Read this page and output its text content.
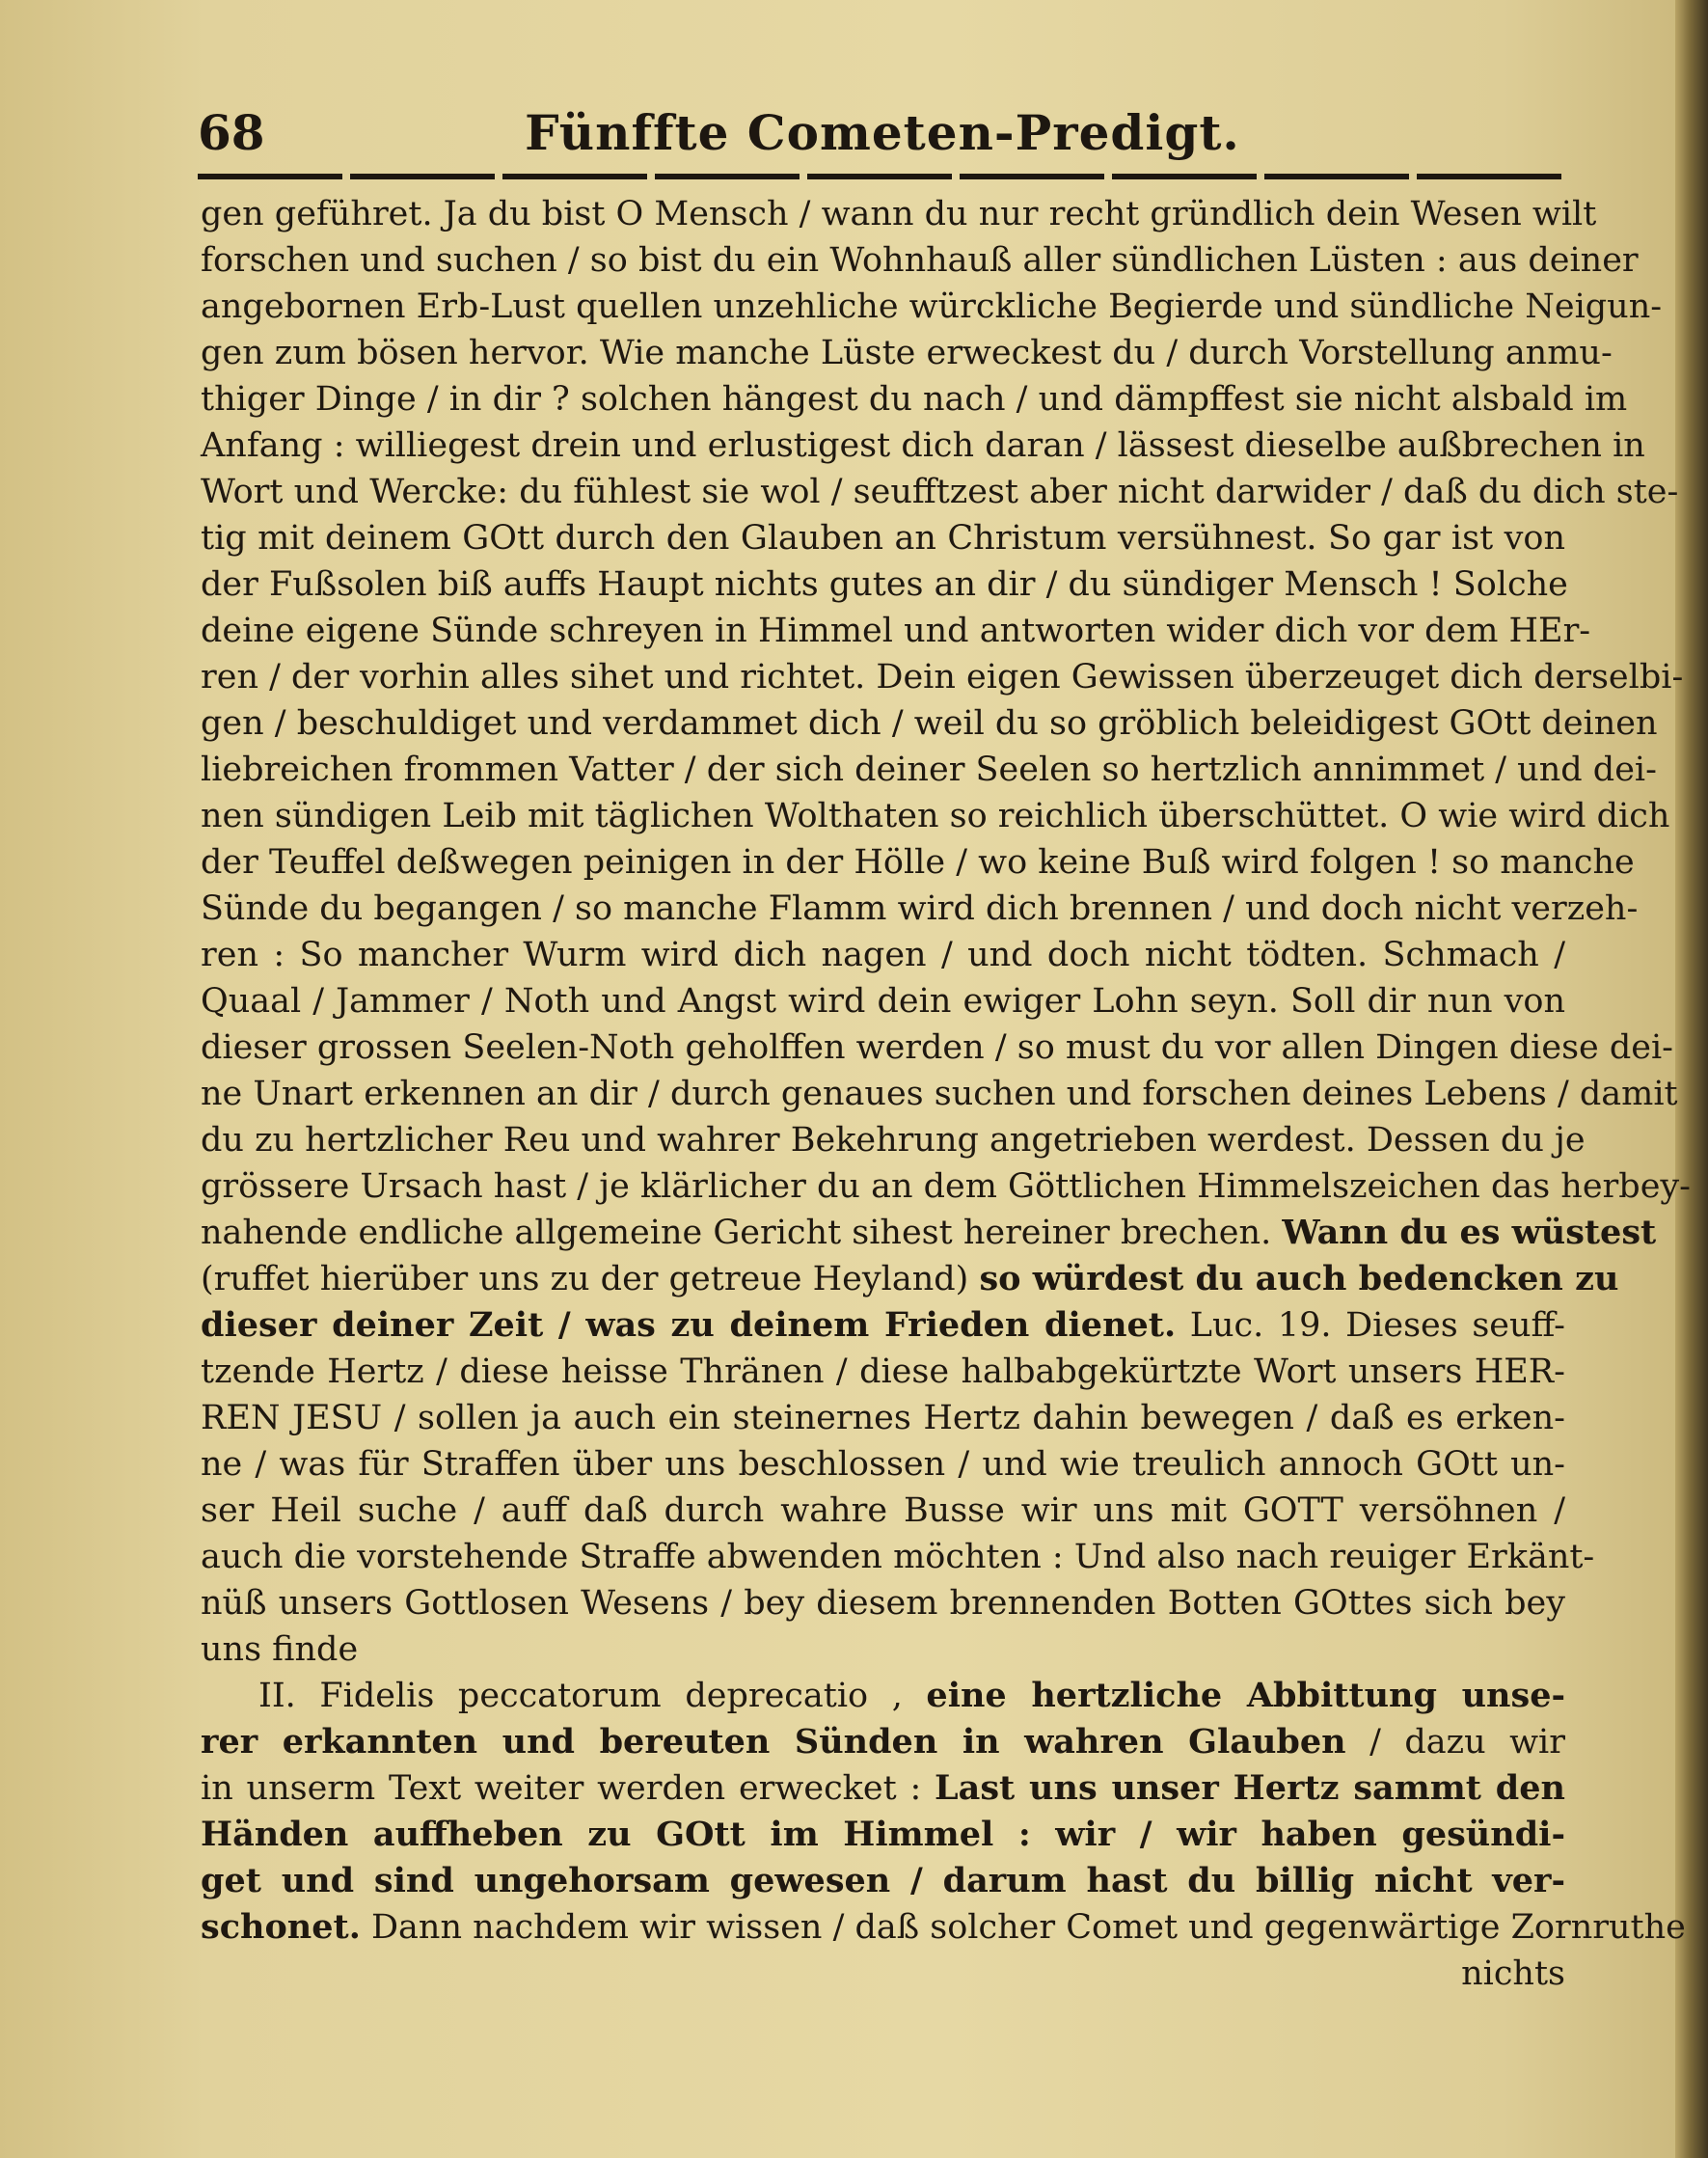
68	Fünffte Cometen-Predigt.
gen geführet. Ja du bist O Mensch / wann du nur recht gründlich dein Wesen wilt
forschen und suchen / so bist du ein Wohnhauß aller sündlichen Lüsten : aus deiner
angebornen Erb-Lust quellen unzehliche würckliche Begierde und sündliche Neigun-
gen zum bösen hervor. Wie manche Lüste erweckest du / durch Vorstellung anmu-
thiger Dinge / in dir ? solchen hängest du nach / und dämpffest sie nicht alsbald im
Anfang : williegest drein und erlustigest dich daran / lässest dieselbe außbrechen in
Wort und Wercke: du fühlest sie wol / seufftzest aber nicht darwider / daß du dich ste-
tig mit deinem GOtt durch den Glauben an Christum versühnest. So gar ist von
der Fußsolen biß auffs Haupt nichts gutes an dir / du sündiger Mensch ! Solche
deine eigene Sünde schreyen in Himmel und antworten wider dich vor dem HEr-
ren / der vorhin alles sihet und richtet. Dein eigen Gewissen überzeuget dich derselbi-
gen / beschuldiget und verdammet dich / weil du so gröblich beleidigest GOtt deinen
liebreichen frommen Vatter / der sich deiner Seelen so hertzlich annimmet / und dei-
nen sündigen Leib mit täglichen Wolthaten so reichlich überschüttet. O wie wird dich
der Teuffel deßwegen peinigen in der Hölle / wo keine Buß wird folgen ! so manche
Sünde du begangen / so manche Flamm wird dich brennen / und doch nicht verzeh-
ren : So mancher Wurm wird dich nagen / und doch nicht tödten. Schmach /
Quaal / Jammer / Noth und Angst wird dein ewiger Lohn seyn. Soll dir nun von
dieser grossen Seelen-Noth geholffen werden / so must du vor allen Dingen diese dei-
ne Unart erkennen an dir / durch genaues suchen und forschen deines Lebens / damit
du zu hertzlicher Reu und wahrer Bekehrung angetrieben werdest. Dessen du je
grössere Ursach hast / je klärlicher du an dem Göttlichen Himmelszeichen das herbey-
nahende endliche allgemeine Gericht sihest hereiner brechen. Wann du es wüstest
(ruffet hierüber uns zu der getreue Heyland) so würdest du auch bedencken zu
dieser deiner Zeit / was zu deinem Frieden dienet. Luc. 19. Dieses seuff-
tzende Hertz / diese heisse Thränen / diese halbabgekürtzte Wort unsers HER-
REN JESU / sollen ja auch ein steinernes Hertz dahin bewegen / daß es erken-
ne / was für Straffen über uns beschlossen / und wie treulich annoch GOtt un-
ser Heil suche / auff daß durch wahre Busse wir uns mit GOTT versöhnen /
auch die vorstehende Straffe abwenden möchten : Und also nach reuiger Erkänt-
nüß unsers Gottlosen Wesens / bey diesem brennenden Botten GOttes sich bey
uns finde
II. Fidelis peccatorum deprecatio , eine hertzliche Abbittung unse-
rer erkannten und bereuten Sünden in wahren Glauben / dazu wir
in unserm Text weiter werden erwecket : Last uns unser Hertz sammt den
Händen auffheben zu GOtt im Himmel : wir / wir haben gesündi-
get und sind ungehorsam gewesen / darum hast du billig nicht ver-
schonet. Dann nachdem wir wissen / daß solcher Comet und gegenwärtige Zornruthe
nichts
